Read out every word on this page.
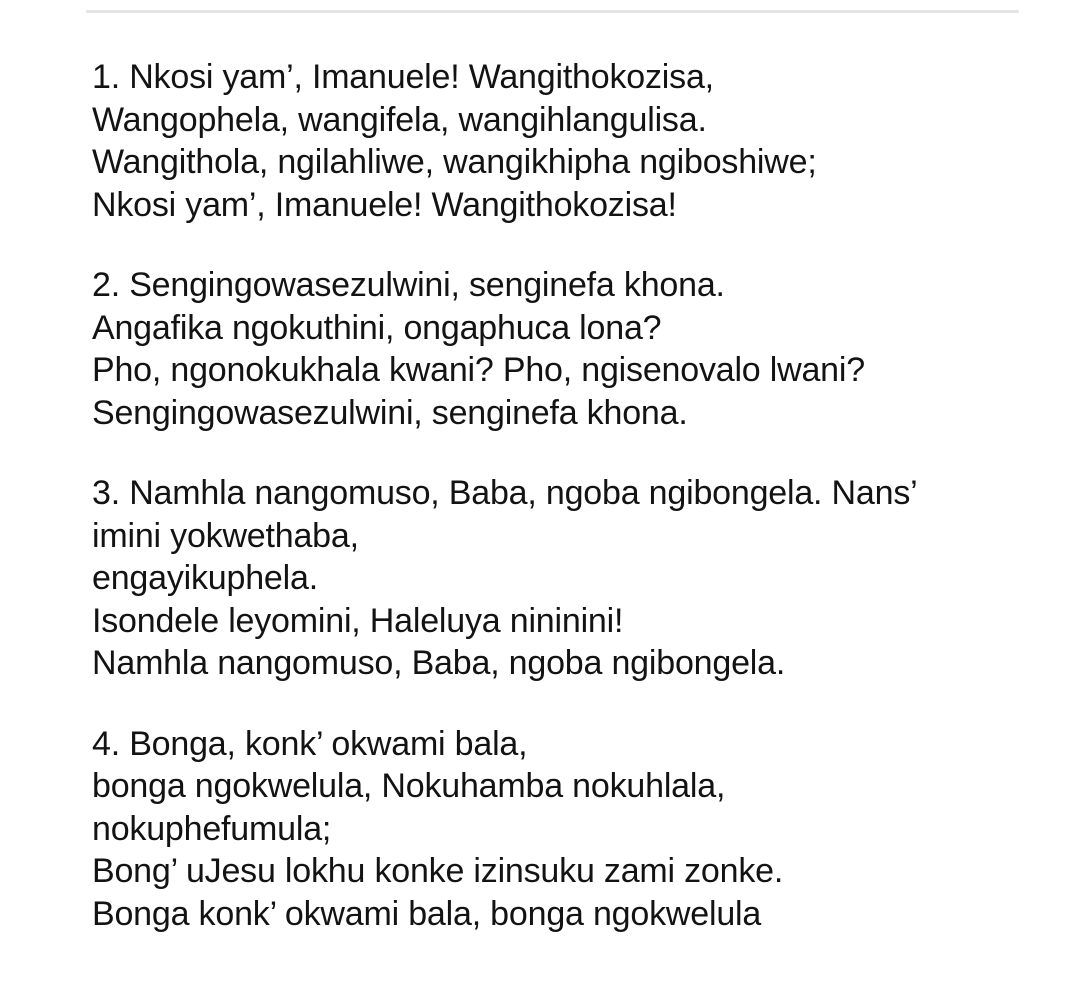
1. Nkosi yam’, Imanuele! Wangithokozisa,
Wangophela, wangifela, wangihlangulisa.
Wangithola, ngilahliwe, wangikhipha ngiboshiwe;
Nkosi yam’, Imanuele! Wangithokozisa!
2. Sengingowasezulwini, senginefa khona.
Angafika ngokuthini, ongaphuca lona?
Pho, ngonokukhala kwani? Pho, ngisenovalo lwani?
Sengingowasezulwini, senginefa khona.
3. Namhla nangomuso, Baba, ngoba ngibongela. Nans’
imini yokwethaba,
engayikuphela.
Isondele leyomini, Haleluya nininini!
Namhla nangomuso, Baba, ngoba ngibongela.
4. Bonga, konk’ okwami bala,
bonga ngokwelula, Nokuhamba nokuhlala,
nokuphefumula;
Bong’ uJesu lokhu konke izinsuku zami zonke.
Bonga konk’ okwami bala, bonga ngokwelula
